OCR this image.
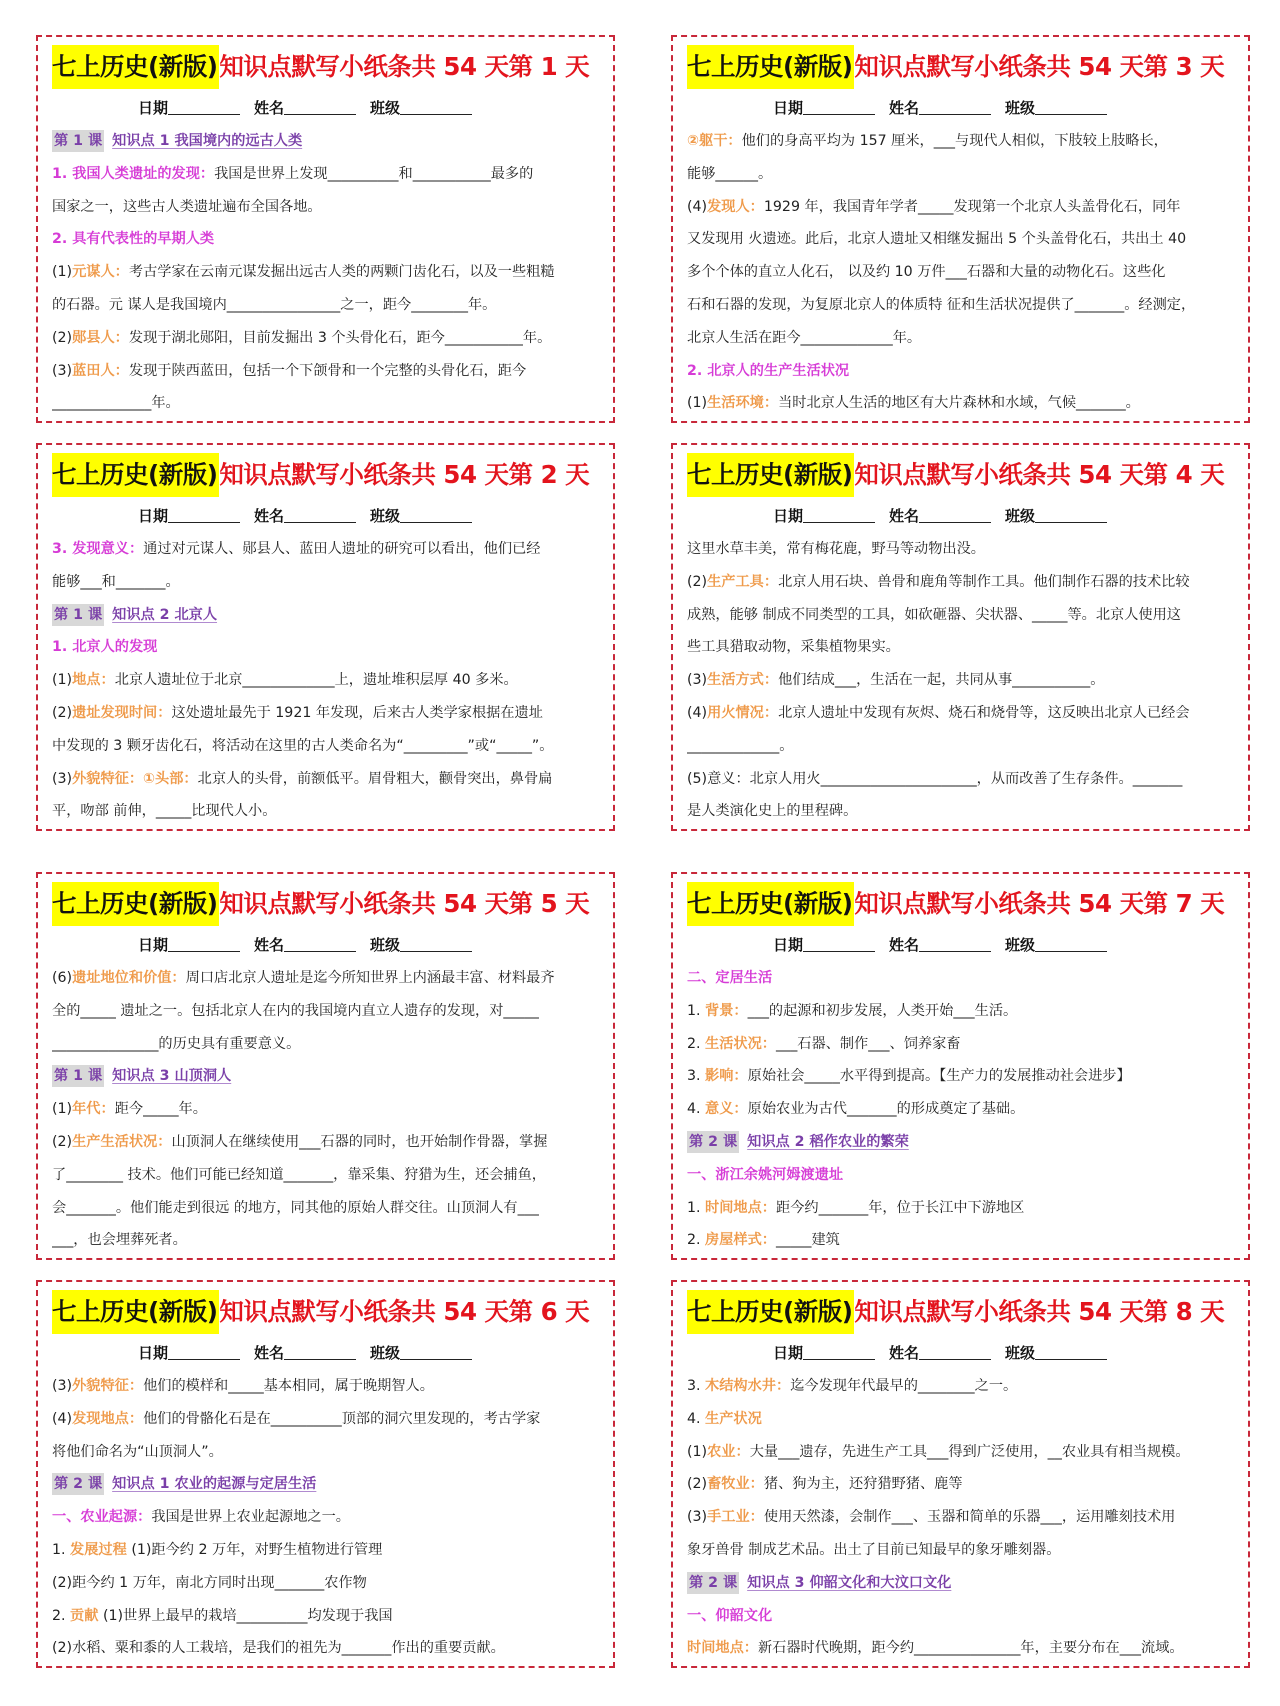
七上历史(新版)知识点默写小纸条共 54 天第 1 天
日期	姓名	班级
第 1 课 知识点 1 我国境内的远古人类
1. 我国人类遗址的发现：我国是世界上发现__________和___________最多的
国家之一，这些古人类遗址遍布全国各地。
2. 具有代表性的早期人类
(1)元谋人：考古学家在云南元谋发掘出远古人类的两颗门齿化石，以及一些粗糙
的石器。元 谋人是我国境内________________之一，距今________年。
(2)郧县人：发现于湖北郧阳，目前发掘出 3 个头骨化石，距今___________年。
(3)蓝田人：发现于陕西蓝田，包括一个下颌骨和一个完整的头骨化石，距今
______________年。
七上历史(新版)知识点默写小纸条共 54 天第 3 天
日期	姓名	班级
②躯干：他们的身高平均为 157 厘米，___与现代人相似，下肢较上肢略长，
能够______。
(4)发现人：1929 年，我国青年学者_____发现第一个北京人头盖骨化石，同年
又发现用 火遗迹。此后，北京人遗址又相继发掘出 5 个头盖骨化石，共出土 40
多个个体的直立人化石， 以及约 10 万件___石器和大量的动物化石。这些化
石和石器的发现，为复原北京人的体质特 征和生活状况提供了_______。经测定，
北京人生活在距今_____________年。
2. 北京人的生产生活状况
(1)生活环境：当时北京人生活的地区有大片森林和水域，气候_______。
七上历史(新版)知识点默写小纸条共 54 天第 2 天
日期	姓名	班级
3. 发现意义：通过对元谋人、郧县人、蓝田人遗址的研究可以看出，他们已经
能够___和_______。
第 1 课 知识点 2 北京人
1. 北京人的发现
(1)地点：北京人遗址位于北京_____________上，遗址堆积层厚 40 多米。
(2)遗址发现时间：这处遗址最先于 1921 年发现，后来古人类学家根据在遗址
中发现的 3 颗牙齿化石，将活动在这里的古人类命名为“_________”或“_____”。
(3)外貌特征：①头部：北京人的头骨，前额低平。眉骨粗大，颧骨突出，鼻骨扁
平，吻部 前伸，_____比现代人小。
七上历史(新版)知识点默写小纸条共 54 天第 4 天
日期	姓名	班级
这里水草丰美，常有梅花鹿，野马等动物出没。
(2)生产工具：北京人用石块、兽骨和鹿角等制作工具。他们制作石器的技术比较
成熟，能够 制成不同类型的工具，如砍砸器、尖状器、_____等。北京人使用这
些工具猎取动物，采集植物果实。
(3)生活方式：他们结成___，生活在一起，共同从事___________。
(4)用火情况：北京人遗址中发现有灰烬、烧石和烧骨等，这反映出北京人已经会
_____________。
(5)意义：北京人用火______________________，从而改善了生存条件。_______
是人类演化史上的里程碑。
七上历史(新版)知识点默写小纸条共 54 天第 5 天
日期	姓名	班级
(6)遗址地位和价值：周口店北京人遗址是迄今所知世界上内涵最丰富、材料最齐
全的_____ 遗址之一。包括北京人在内的我国境内直立人遗存的发现，对_____
_______________的历史具有重要意义。
第 1 课 知识点 3 山顶洞人
(1)年代：距今_____年。
(2)生产生活状况：山顶洞人在继续使用___石器的同时，也开始制作骨器，掌握
了________ 技术。他们可能已经知道_______，靠采集、狩猎为生，还会捕鱼，
会_______。他们能走到很远 的地方，同其他的原始人群交往。山顶洞人有___
___，也会埋葬死者。
七上历史(新版)知识点默写小纸条共 54 天第 7 天
日期	姓名	班级
二、定居生活
1. 背景：___的起源和初步发展，人类开始___生活。
2. 生活状况：___石器、制作___、饲养家畜
3. 影响：原始社会_____水平得到提高。【生产力的发展推动社会进步】
4. 意义：原始农业为古代_______的形成奠定了基础。
第 2 课 知识点 2 稻作农业的繁荣
一、浙江余姚河姆渡遗址
1. 时间地点：距今约_______年，位于长江中下游地区
2. 房屋样式：_____建筑
七上历史(新版)知识点默写小纸条共 54 天第 6 天
日期	姓名	班级
(3)外貌特征：他们的模样和_____基本相同，属于晚期智人。
(4)发现地点：他们的骨骼化石是在__________顶部的洞穴里发现的，考古学家
将他们命名为“山顶洞人”。
第 2 课 知识点 1 农业的起源与定居生活
一、农业起源：我国是世界上农业起源地之一。
1. 发展过程 (1)距今约 2 万年，对野生植物进行管理
(2)距今约 1 万年，南北方同时出现_______农作物
2. 贡献 (1)世界上最早的栽培__________均发现于我国
(2)水稻、粟和黍的人工栽培，是我们的祖先为_______作出的重要贡献。
七上历史(新版)知识点默写小纸条共 54 天第 8 天
日期	姓名	班级
3. 木结构水井：迄今发现年代最早的________之一。
4. 生产状况
(1)农业：大量___遗存，先进生产工具___得到广泛使用，__农业具有相当规模。
(2)畜牧业：猪、狗为主，还狩猎野猪、鹿等
(3)手工业：使用天然漆，会制作___、玉器和简单的乐器___，运用雕刻技术用
象牙兽骨 制成艺术品。出土了目前已知最早的象牙雕刻器。
第 2 课 知识点 3 仰韶文化和大汶口文化
一、仰韶文化
时间地点：新石器时代晚期，距今约_______________年，主要分布在___流域。
